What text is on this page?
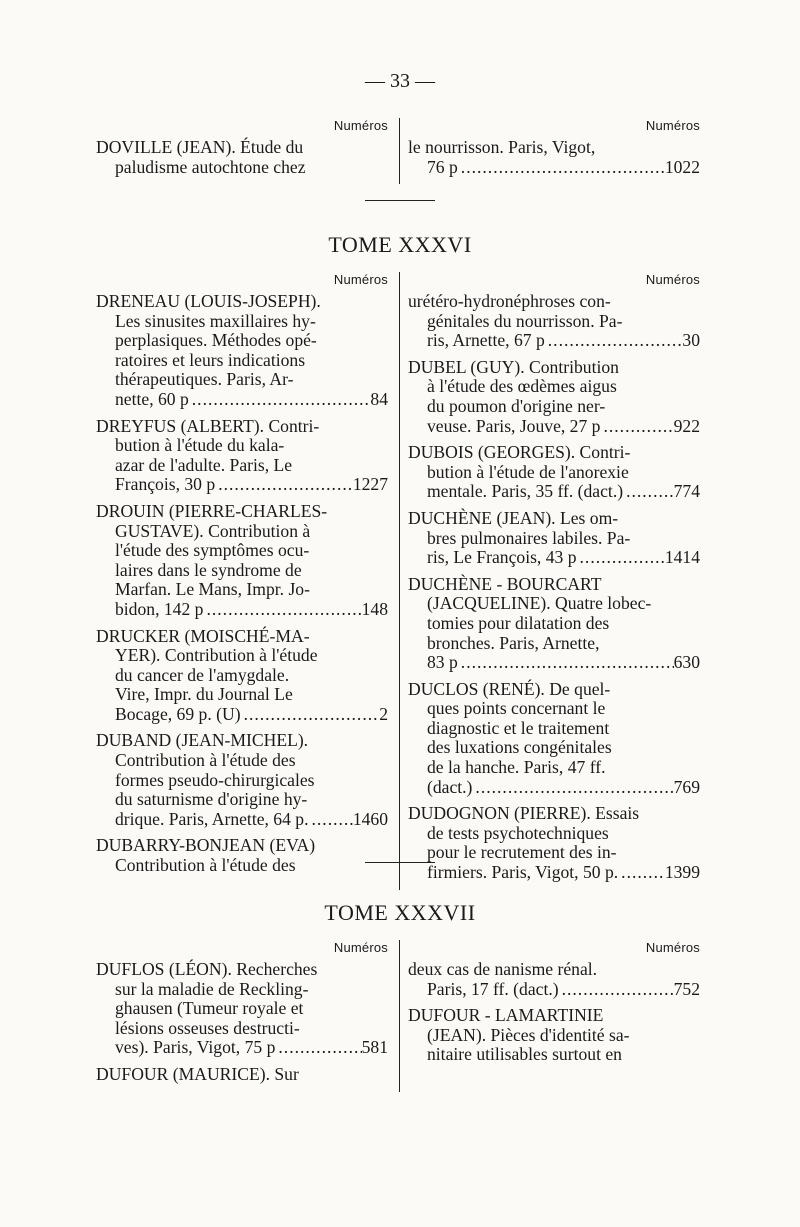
— 33 —
Numéros
DOVILLE (JEAN). Étude du
paludisme autochtone chez
Numéros
le nourrisson. Paris, Vigot,
76 p .....	1022
TOME XXXVI
Numéros
DRENEAU (LOUIS-JOSEPH).
Les sinusites maxillaires hy-
perplasiques. Méthodes opé-
ratoires et leurs indications
thérapeutiques. Paris, Ar-
nette, 60 p .....	84
DREYFUS (ALBERT). Contri-
bution à l'étude du kala-
azar de l'adulte. Paris, Le
François, 30 p .....	1227
DROUIN (PIERRE-CHARLES-
GUSTAVE). Contribution à
l'étude des symptômes ocu-
laires dans le syndrome de
Marfan. Le Mans, Impr. Jo-
bidon, 142 p .....	148
DRUCKER (MOISCHÉ-MA-
YER). Contribution à l'étude
du cancer de l'amygdale.
Vire, Impr. du Journal Le
Bocage, 69 p. (U) .....	2
DUBAND (JEAN-MICHEL).
Contribution à l'étude des
formes pseudo-chirurgicales
du saturnisme d'origine hy-
drique. Paris, Arnette, 64 p. .....	1460
DUBARRY-BONJEAN (EVA)
Contribution à l'étude des
Numéros
urétéro-hydronéphroses con-
génitales du nourrisson. Pa-
ris, Arnette, 67 p .....	30
DUBEL (GUY). Contribution
à l'étude des œdèmes aigus
du poumon d'origine ner-
veuse. Paris, Jouve, 27 p .....	922
DUBOIS (GEORGES). Contri-
bution à l'étude de l'anorexie
mentale. Paris, 35 ff. (dact.) .....	774
DUCHÈNE (JEAN). Les om-
bres pulmonaires labiles. Pa-
ris, Le François, 43 p .....	1414
DUCHÈNE - BOURCART
(JACQUELINE). Quatre lobec-
tomies pour dilatation des
bronches. Paris, Arnette,
83 p .....	630
DUCLOS (RENÉ). De quel-
ques points concernant le
diagnostic et le traitement
des luxations congénitales
de la hanche. Paris, 47 ff.
(dact.) .....	769
DUDOGNON (PIERRE). Essais
de tests psychotechniques
pour le recrutement des in-
firmiers. Paris, Vigot, 50 p. .....	1399
TOME XXXVII
Numéros
DUFLOS (LÉON). Recherches
sur la maladie de Reckling-
ghausen (Tumeur royale et
lésions osseuses destructi-
ves). Paris, Vigot, 75 p .....	581
DUFOUR (MAURICE). Sur
Numéros
deux cas de nanisme rénal.
Paris, 17 ff. (dact.) .....	752
DUFOUR - LAMARTINIE
(JEAN). Pièces d'identité sa-
nitaire utilisables surtout en
